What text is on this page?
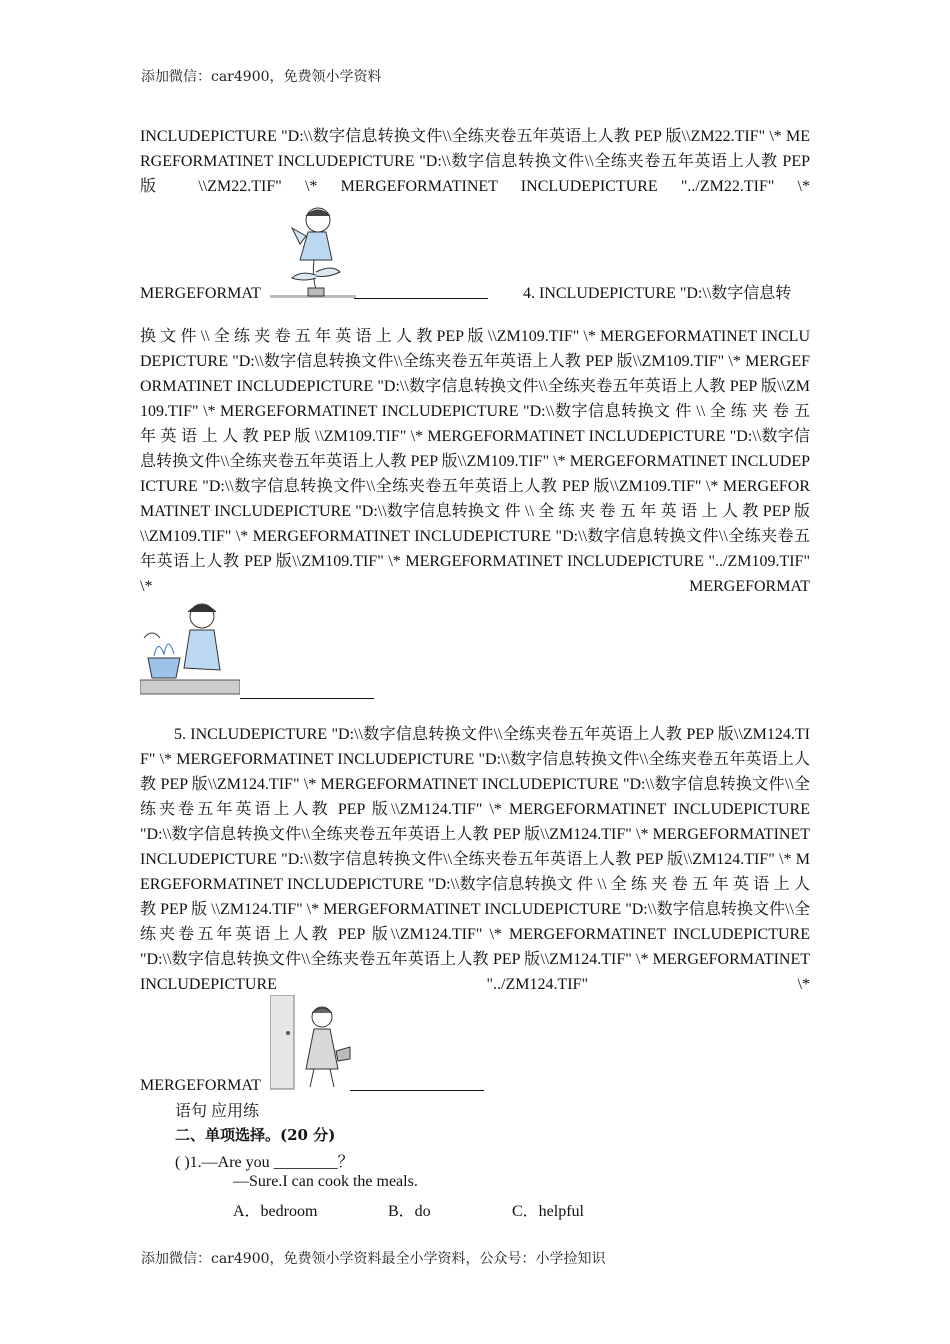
添加微信：car4900，免费领小学资料
INCLUDEPICTURE "D:\\数字信息转换文件\\全练夹卷五年英语上人教 PEP 版\\ZM22.TIF" \* MERGEFORMATINET INCLUDEPICTURE "D:\\数字信息转换文件\\全练夹卷五年英语上人教 PEP 版 \\ZM22.TIF" \* MERGEFORMATINET INCLUDEPICTURE "../ZM22.TIF" \*
MERGEFORMAT	4. INCLUDEPICTURE "D:\\数字信息转
换 文 件 \\ 全 练 夹 卷 五 年 英 语 上 人 教 PEP 版 \\ZM109.TIF" \* MERGEFORMATINET INCLUDEPICTURE "D:\\数字信息转换文件\\全练夹卷五年英语上人教 PEP 版\\ZM109.TIF" \* MERGEFORMATINET INCLUDEPICTURE "D:\\数字信息转换文件\\全练夹卷五年英语上人教 PEP 版\\ZM109.TIF" \* MERGEFORMATINET INCLUDEPICTURE "D:\\数字信息转换文 件 \\ 全 练 夹 卷 五 年 英 语 上 人 教 PEP 版 \\ZM109.TIF" \* MERGEFORMATINET INCLUDEPICTURE "D:\\数字信息转换文件\\全练夹卷五年英语上人教 PEP 版\\ZM109.TIF" \* MERGEFORMATINET INCLUDEPICTURE "D:\\数字信息转换文件\\全练夹卷五年英语上人教 PEP 版\\ZM109.TIF" \* MERGEFORMATINET INCLUDEPICTURE "D:\\数字信息转换文 件 \\ 全 练 夹 卷 五 年 英 语 上 人 教 PEP 版 \\ZM109.TIF" \* MERGEFORMATINET INCLUDEPICTURE "D:\\数字信息转换文件\\全练夹卷五年英语上人教 PEP 版\\ZM109.TIF" \* MERGEFORMATINET INCLUDEPICTURE "../ZM109.TIF" \* MERGEFORMAT
5. INCLUDEPICTURE "D:\\数字信息转换文件\\全练夹卷五年英语上人教 PEP 版\\ZM124.TIF" \* MERGEFORMATINET INCLUDEPICTURE "D:\\数字信息转换文件\\全练夹卷五年英语上人教 PEP 版\\ZM124.TIF" \* MERGEFORMATINET INCLUDEPICTURE "D:\\数字信息转换文件\\全练夹卷五年英语上人教 PEP 版\\ZM124.TIF" \* MERGEFORMATINET INCLUDEPICTURE "D:\\数字信息转换文件\\全练夹卷五年英语上人教 PEP 版\\ZM124.TIF" \* MERGEFORMATINET INCLUDEPICTURE "D:\\数字信息转换文件\\全练夹卷五年英语上人教 PEP 版\\ZM124.TIF" \* MERGEFORMATINET INCLUDEPICTURE "D:\\数字信息转换文 件 \\ 全 练 夹 卷 五 年 英 语 上 人 教 PEP 版 \\ZM124.TIF" \* MERGEFORMATINET INCLUDEPICTURE "D:\\数字信息转换文件\\全练夹卷五年英语上人教 PEP 版\\ZM124.TIF" \* MERGEFORMATINET INCLUDEPICTURE "D:\\数字信息转换文件\\全练夹卷五年英语上人教 PEP 版\\ZM124.TIF" \* MERGEFORMATINET INCLUDEPICTURE "../ZM124.TIF" \*
MERGEFORMAT
语句 应用练
二、单项选择。(20 分)
( )1.—Are you ________？
—Sure.I can cook the meals.
A．bedroom	B．do	C．helpful
添加微信：car4900，免费领小学资料最全小学资料，公众号：小学捡知识
